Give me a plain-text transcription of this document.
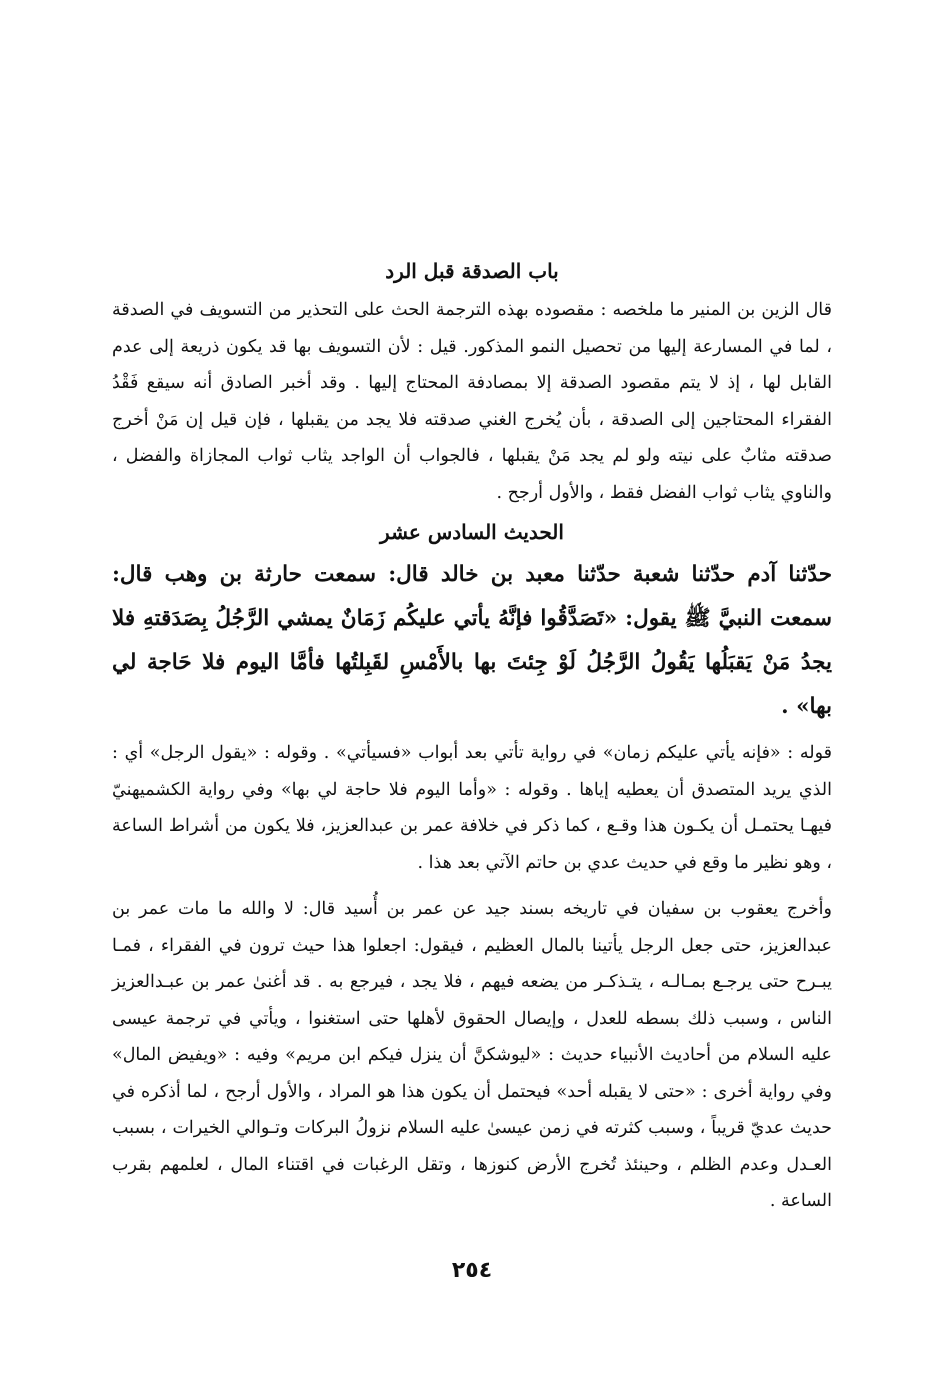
باب الصدقة قبل الرد

قال الزين بن المنير ما ملخصه : مقصوده بهذه الترجمة الحث على التحذير من التسويف في الصدقة ، لما في المسارعة إليها من تحصيل النمو المذكور. قيل : لأن التسويف بها قد يكون ذريعة إلى عدم القابل لها ، إذ لا يتم مقصود الصدقة إلا بمصادفة المحتاج إليها . وقد أخبر الصادق أنه سيقع فَقْدُ الفقراء المحتاجين إلى الصدقة ، بأن يُخرج الغني صدقته فلا يجد من يقبلها ، فإن قيل إن مَنْ أخرج صدقته مثابٌ على نيته ولو لم يجد مَنْ يقبلها ، فالجواب أن الواجد يثاب ثواب المجازاة والفضل ، والناوي يثاب ثواب الفضل فقط ، والأول أرجح .

الحديث السادس عشر

حدّثنا آدم حدّثنا شعبة حدّثنا معبد بن خالد قال: سمعت حارثة بن وهب قال: سمعت النبيَّ ﷺ يقول: «تَصَدَّقُوا فإنَّهُ يأتي عليكُم زَمَانٌ يمشي الرَّجُلُ بِصَدَقتهِ فلا يجدُ مَنْ يَقبَلُها يَقُولُ الرَّجُلُ لَوْ جِئتَ بها بالأَمْسِ لقَبِلتُها فأمَّا اليوم فلا حَاجة لي بها» .

قوله : «فإنه يأتي عليكم زمان» في رواية تأتي بعد أبواب «فسيأتي» . وقوله : «يقول الرجل» أي : الذي يريد المتصدق أن يعطيه إياها . وقوله : «وأما اليوم فلا حاجة لي بها» وفي رواية الكشميهنيّ فيهـا يحتمـل أن يكـون هذا وقـع ، كما ذكر في خلافة عمر بن عبدالعزيز، فلا يكون من أشراط الساعة ، وهو نظير ما وقع في حديث عدي بن حاتم الآتي بعد هذا .

وأخرج يعقوب بن سفيان في تاريخه بسند جيد عن عمر بن أُسيد قال: لا والله ما مات عمر بن عبدالعزيز، حتى جعل الرجل يأتينا بالمال العظيم ، فيقول: اجعلوا هذا حيث ترون في الفقراء ، فمـا يبـرح حتى يرجـع بمـالـه ، يتـذكـر من يضعه فيهم ، فلا يجد ، فيرجع به . قد أغنىٰ عمر بن عبـدالعزيز الناس ، وسبب ذلك بسطه للعدل ، وإيصال الحقوق لأهلها حتى استغنوا ، ويأتي في ترجمة عيسى عليه السلام من أحاديث الأنبياء حديث : «ليوشكنَّ أن ينزل فيكم ابن مريم» وفيه : «ويفيض المال» وفي رواية أخرى : «حتى لا يقبله أحد» فيحتمل أن يكون هذا هو المراد ، والأول أرجح ، لما أذكره في حديث عديّ قريباً ، وسبب كثرته في زمن عيسىٰ عليه السلام نزولُ البركات وتـوالي الخيرات ، بسبب العـدل وعدم الظلم ، وحينئذ تُخرج الأرض كنوزها ، وتقل الرغبات في اقتناء المال ، لعلمهم بقرب الساعة .

٢٥٤
